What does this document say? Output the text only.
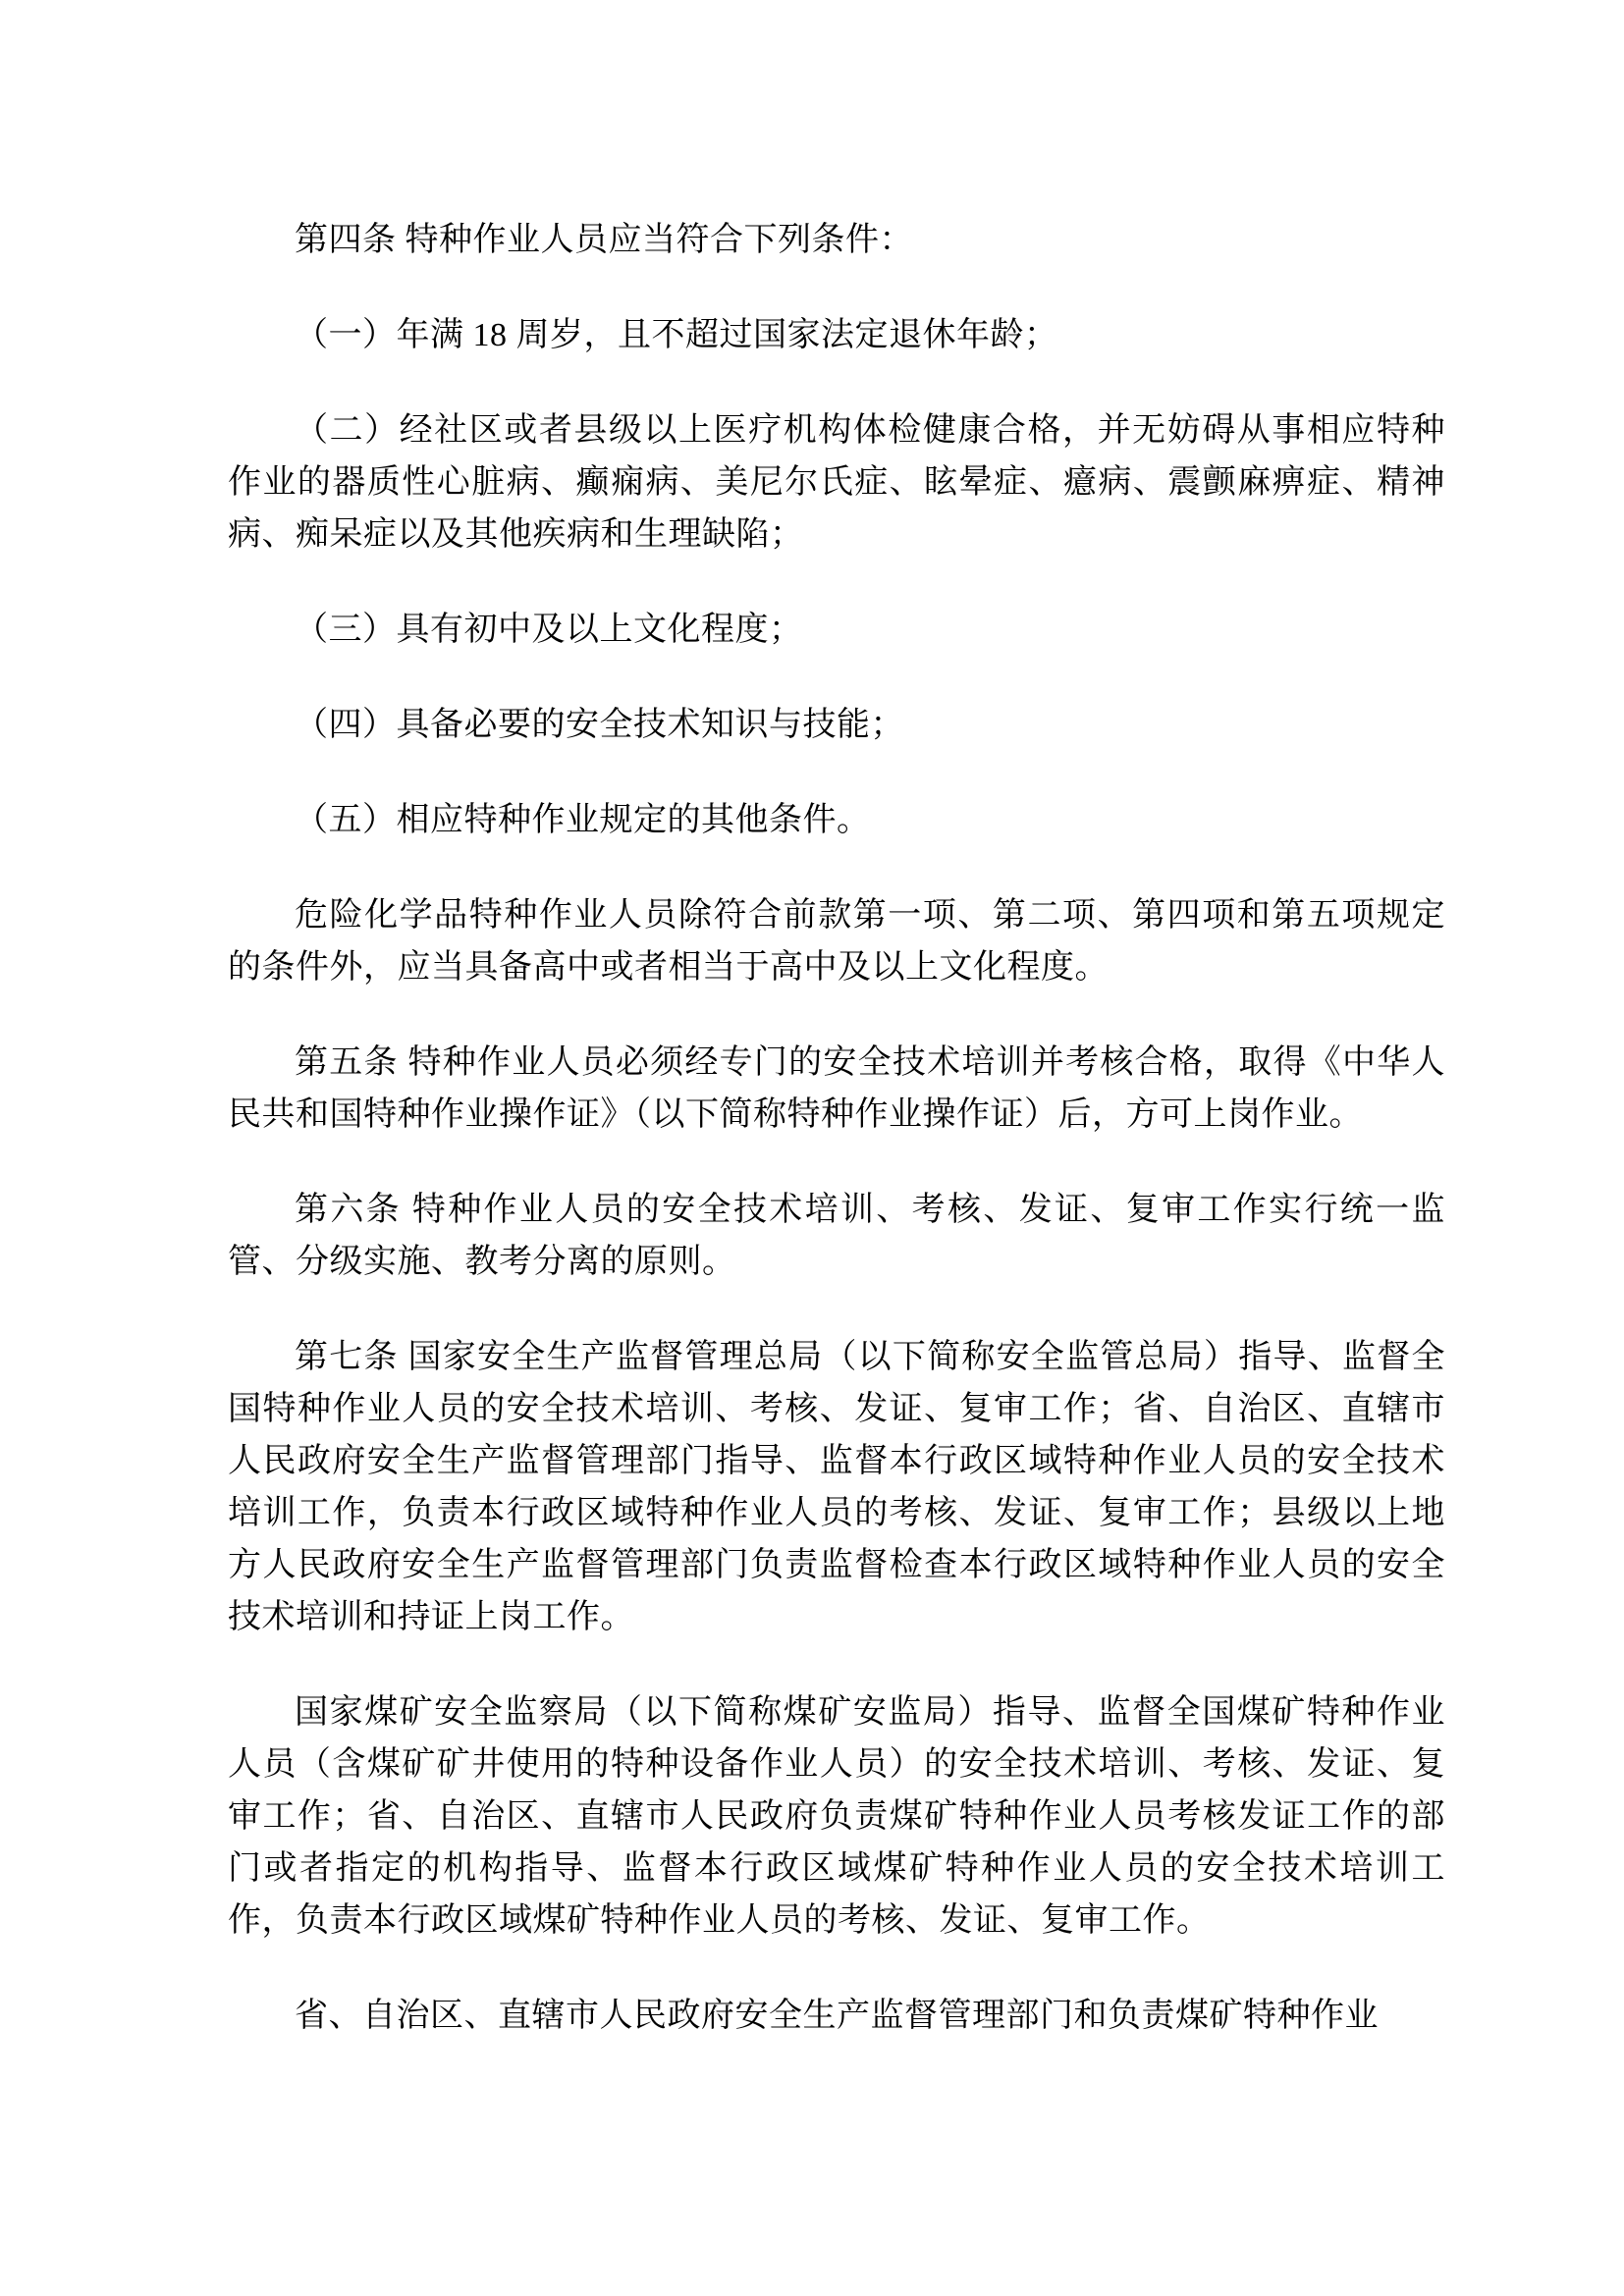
第四条 特种作业人员应当符合下列条件：

（一）年满 18 周岁，且不超过国家法定退休年龄；

（二）经社区或者县级以上医疗机构体检健康合格，并无妨碍从事相应特种作业的器质性心脏病、癫痫病、美尼尔氏症、眩晕症、癔病、震颤麻痹症、精神病、痴呆症以及其他疾病和生理缺陷；

（三）具有初中及以上文化程度；

（四）具备必要的安全技术知识与技能；

（五）相应特种作业规定的其他条件。

危险化学品特种作业人员除符合前款第一项、第二项、第四项和第五项规定的条件外，应当具备高中或者相当于高中及以上文化程度。

第五条 特种作业人员必须经专门的安全技术培训并考核合格，取得《中华人民共和国特种作业操作证》（以下简称特种作业操作证）后，方可上岗作业。

第六条 特种作业人员的安全技术培训、考核、发证、复审工作实行统一监管、分级实施、教考分离的原则。

第七条 国家安全生产监督管理总局（以下简称安全监管总局）指导、监督全国特种作业人员的安全技术培训、考核、发证、复审工作；省、自治区、直辖市人民政府安全生产监督管理部门指导、监督本行政区域特种作业人员的安全技术培训工作，负责本行政区域特种作业人员的考核、发证、复审工作；县级以上地方人民政府安全生产监督管理部门负责监督检查本行政区域特种作业人员的安全技术培训和持证上岗工作。

国家煤矿安全监察局（以下简称煤矿安监局）指导、监督全国煤矿特种作业人员（含煤矿矿井使用的特种设备作业人员）的安全技术培训、考核、发证、复审工作；省、自治区、直辖市人民政府负责煤矿特种作业人员考核发证工作的部门或者指定的机构指导、监督本行政区域煤矿特种作业人员的安全技术培训工作，负责本行政区域煤矿特种作业人员的考核、发证、复审工作。

省、自治区、直辖市人民政府安全生产监督管理部门和负责煤矿特种作业
